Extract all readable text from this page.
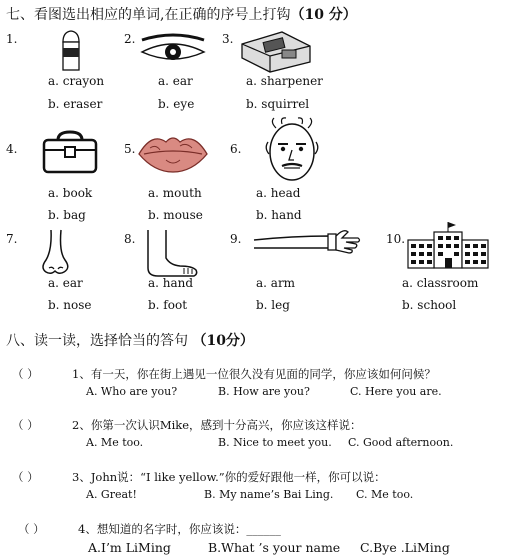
七、看图选出相应的单词,在正确的序号上打钩（10 分）
1.
a. crayon
b. eraser
2.
a. ear
b. eye
3.
a. sharpener
b. squirrel
4.
a. book
b. bag
5.
a. mouth
b. mouse
6.
a. head
b. hand
7.
a. ear
b. nose
8.
a. hand
b. foot
9.
a. arm
b. leg
10.
a. classroom
b. school
八、读一读，选择恰当的答句 （10分）
（ ）	1、有一天，你在街上遇见一位很久没有见面的同学，你应该如何问候？
A. Who are you?	B. How are you?	C. Here you are.
（ ）	2、你第一次认识Mike，感到十分高兴，你应该这样说：
A. Me too.	B. Nice to meet you. C. Good afternoon.
（ ）	3、John说：“I like yellow.”你的爱好跟他一样，你可以说：
A. Great!	B. My name’s Bai Ling. C. Me too.
（ ）	4、想知道的名字时，你应该说：______
A.I’m LiMing	B.What ’s your name C.Bye .LiMing
